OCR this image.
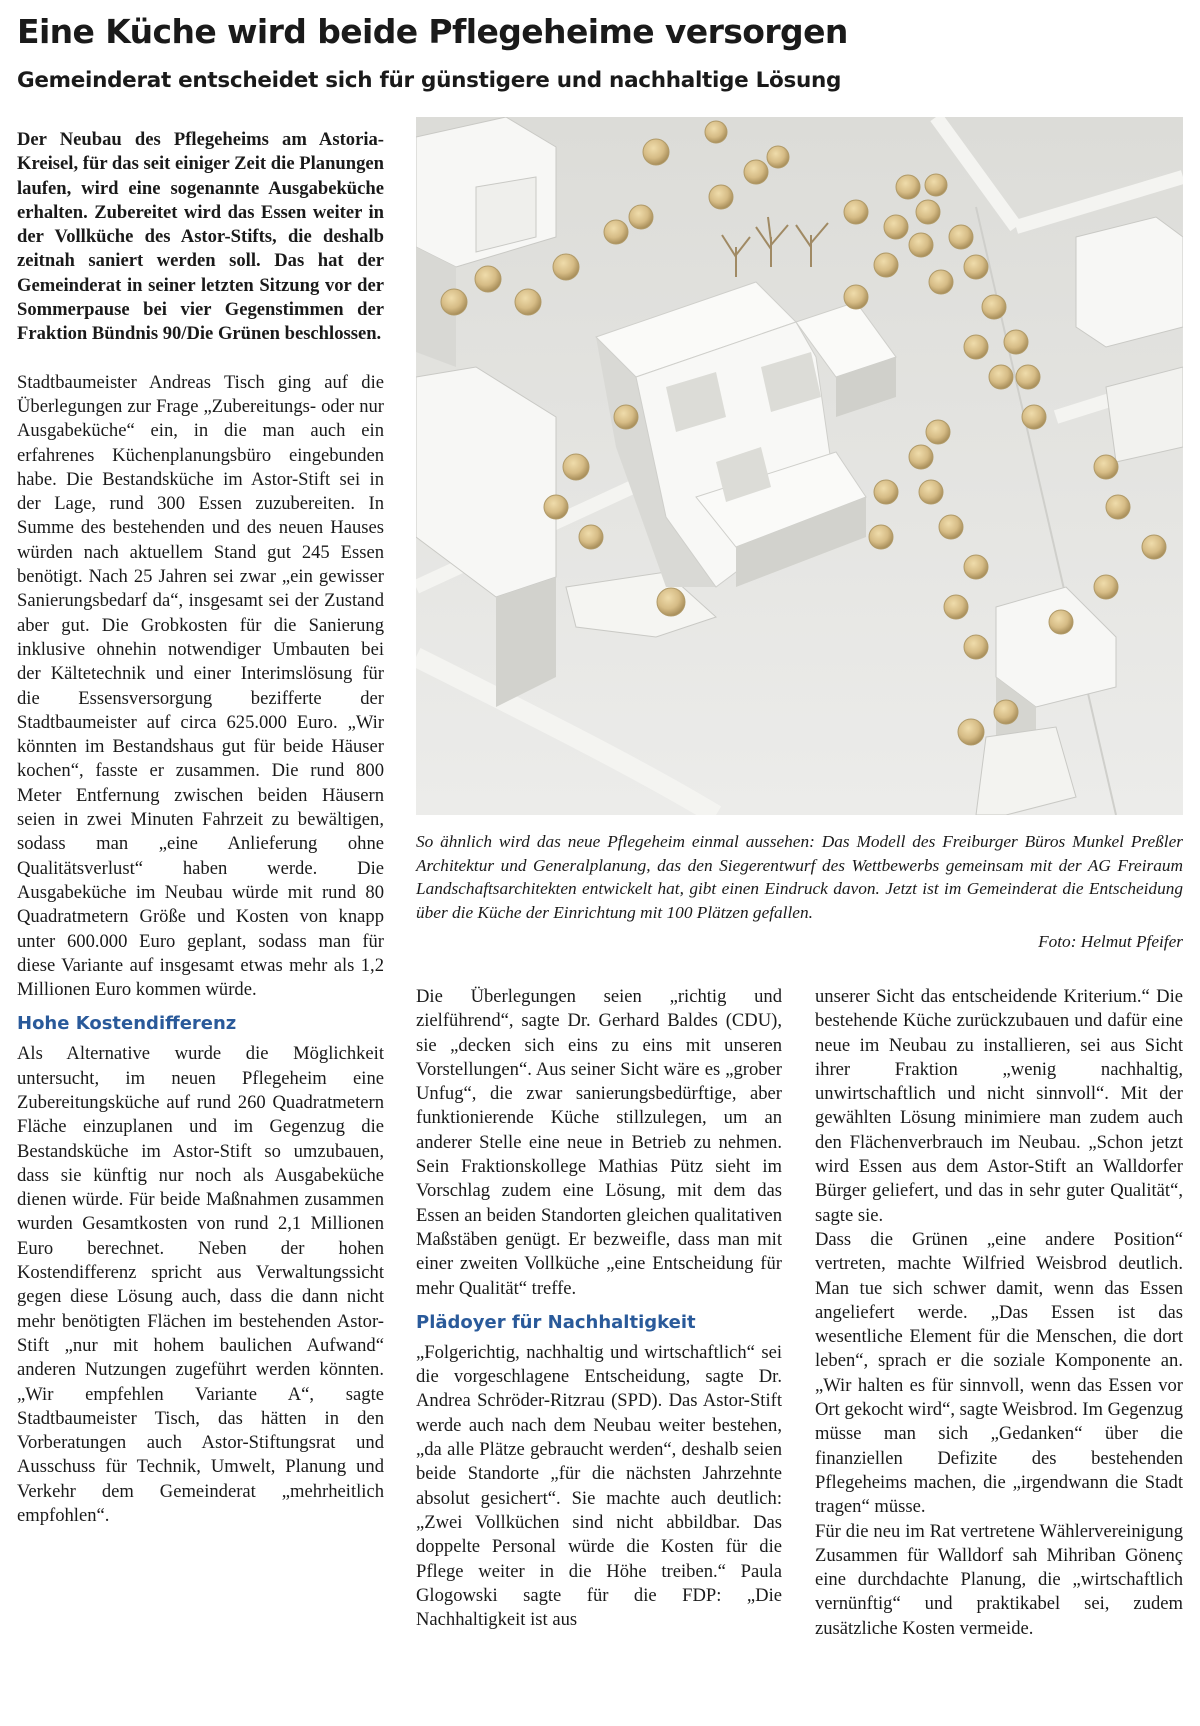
Eine Küche wird beide Pflegeheime versorgen
Gemeinderat entscheidet sich für günstigere und nachhaltige Lösung

Der Neubau des Pflegeheims am Astoria-Kreisel, für das seit einiger Zeit die Planungen laufen, wird eine sogenannte Ausgabeküche erhalten. Zubereitet wird das Essen weiter in der Vollküche des Astor-Stifts, die deshalb zeitnah saniert werden soll. Das hat der Gemeinderat in seiner letzten Sitzung vor der Sommerpause bei vier Gegenstimmen der Fraktion Bündnis 90/Die Grünen beschlossen.

Stadtbaumeister Andreas Tisch ging auf die Überlegungen zur Frage „Zubereitungs- oder nur Ausgabeküche“ ein, in die man auch ein erfahrenes Küchenplanungsbüro eingebunden habe. Die Bestandsküche im Astor-Stift sei in der Lage, rund 300 Essen zuzubereiten. In Summe des bestehenden und des neuen Hauses würden nach aktuellem Stand gut 245 Essen benötigt. Nach 25 Jahren sei zwar „ein gewisser Sanierungsbedarf da“, insgesamt sei der Zustand aber gut. Die Grobkosten für die Sanierung inklusive ohnehin notwendiger Umbauten bei der Kältetechnik und einer Interimslösung für die Essensversorgung bezifferte der Stadtbaumeister auf circa 625.000 Euro. „Wir könnten im Bestandshaus gut für beide Häuser kochen“, fasste er zusammen. Die rund 800 Meter Entfernung zwischen beiden Häusern seien in zwei Minuten Fahrzeit zu bewältigen, sodass man „eine Anlieferung ohne Qualitätsverlust“ haben werde. Die Ausgabeküche im Neubau würde mit rund 80 Quadratmetern Größe und Kosten von knapp unter 600.000 Euro geplant, sodass man für diese Variante auf insgesamt etwas mehr als 1,2 Millionen Euro kommen würde.

Hohe Kostendifferenz

Als Alternative wurde die Möglichkeit untersucht, im neuen Pflegeheim eine Zubereitungsküche auf rund 260 Quadratmetern Fläche einzuplanen und im Gegenzug die Bestandsküche im Astor-Stift so umzubauen, dass sie künftig nur noch als Ausgabeküche dienen würde. Für beide Maßnahmen zusammen wurden Gesamtkosten von rund 2,1 Millionen Euro berechnet. Neben der hohen Kostendifferenz spricht aus Verwaltungssicht gegen diese Lösung auch, dass die dann nicht mehr benötigten Flächen im bestehenden Astor-Stift „nur mit hohem baulichen Aufwand“ anderen Nutzungen zugeführt werden könnten. „Wir empfehlen Variante A“, sagte Stadtbaumeister Tisch, das hätten in den Vorberatungen auch Astor-Stiftungsrat und Ausschuss für Technik, Umwelt, Planung und Verkehr dem Gemeinderat „mehrheitlich empfohlen“.

So ähnlich wird das neue Pflegeheim einmal aussehen: Das Modell des Freiburger Büros Munkel Preßler Architektur und Generalplanung, das den Siegerentwurf des Wettbewerbs gemeinsam mit der AG Freiraum Landschaftsarchitekten entwickelt hat, gibt einen Eindruck davon. Jetzt ist im Gemeinderat die Entscheidung über die Küche der Einrichtung mit 100 Plätzen gefallen.
Foto: Helmut Pfeifer

Die Überlegungen seien „richtig und zielführend“, sagte Dr. Gerhard Baldes (CDU), sie „decken sich eins zu eins mit unseren Vorstellungen“. Aus seiner Sicht wäre es „grober Unfug“, die zwar sanierungsbedürftige, aber funktionierende Küche stillzulegen, um an anderer Stelle eine neue in Betrieb zu nehmen. Sein Fraktionskollege Mathias Pütz sieht im Vorschlag zudem eine Lösung, mit dem das Essen an beiden Standorten gleichen qualitativen Maßstäben genügt. Er bezweifle, dass man mit einer zweiten Vollküche „eine Entscheidung für mehr Qualität“ treffe.

Plädoyer für Nachhaltigkeit

„Folgerichtig, nachhaltig und wirtschaftlich“ sei die vorgeschlagene Entscheidung, sagte Dr. Andrea Schröder-Ritzrau (SPD). Das Astor-Stift werde auch nach dem Neubau weiter bestehen, „da alle Plätze gebraucht werden“, deshalb seien beide Standorte „für die nächsten Jahrzehnte absolut gesichert“. Sie machte auch deutlich: „Zwei Vollküchen sind nicht abbildbar. Das doppelte Personal würde die Kosten für die Pflege weiter in die Höhe treiben.“ Paula Glogowski sagte für die FDP: „Die Nachhaltigkeit ist aus

unserer Sicht das entscheidende Kriterium.“ Die bestehende Küche zurückzubauen und dafür eine neue im Neubau zu installieren, sei aus Sicht ihrer Fraktion „wenig nachhaltig, unwirtschaftlich und nicht sinnvoll“. Mit der gewählten Lösung minimiere man zudem auch den Flächenverbrauch im Neubau. „Schon jetzt wird Essen aus dem Astor-Stift an Walldorfer Bürger geliefert, und das in sehr guter Qualität“, sagte sie.

Dass die Grünen „eine andere Position“ vertreten, machte Wilfried Weisbrod deutlich. Man tue sich schwer damit, wenn das Essen angeliefert werde. „Das Essen ist das wesentliche Element für die Menschen, die dort leben“, sprach er die soziale Komponente an. „Wir halten es für sinnvoll, wenn das Essen vor Ort gekocht wird“, sagte Weisbrod. Im Gegenzug müsse man sich „Gedanken“ über die finanziellen Defizite des bestehenden Pflegeheims machen, die „irgendwann die Stadt tragen“ müsse.

Für die neu im Rat vertretene Wählervereinigung Zusammen für Walldorf sah Mihriban Gönenç eine durchdachte Planung, die „wirtschaftlich vernünftig“ und praktikabel sei, zudem zusätzliche Kosten vermeide.
